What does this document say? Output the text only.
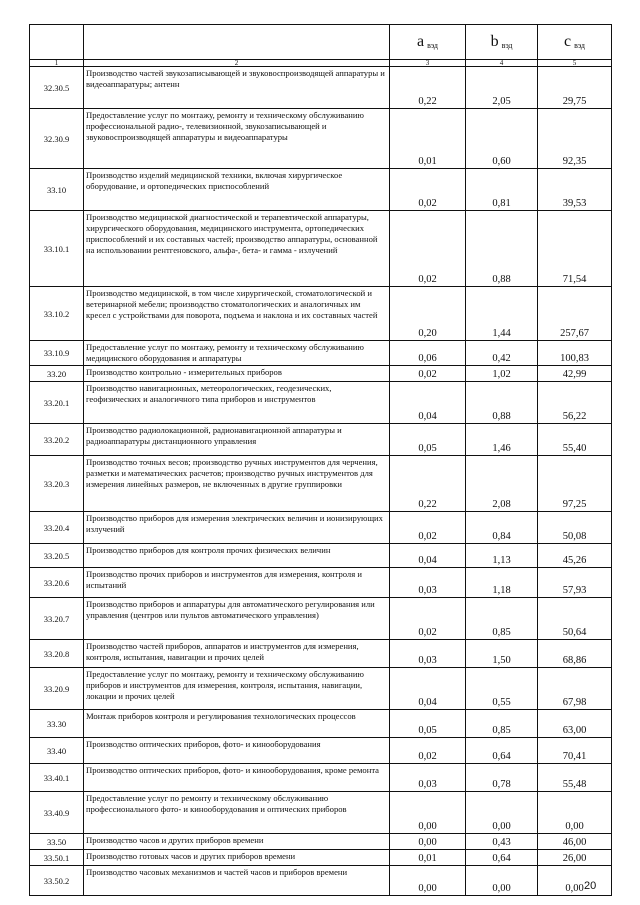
		a $_{вэд}$	b $_{вэд}$	c $_{вэд}$
1	2	3	4	5
32.30.5	Производство частей звукозаписывающей и звуковоспроизводящей аппаратуры и видеоаппаратуры; антенн	0,22	2,05	29,75
32.30.9	Предоставление услуг по монтажу, ремонту и техническому обслуживанию профессиональной радио-, телевизионной, звукозаписывающей и звуковоспроизводящей аппаратуры и видеоаппаратуры	0,01	0,60	92,35
33.10	Производство изделий медицинской техники, включая хирургическое оборудование, и ортопедических приспособлений	0,02	0,81	39,53
33.10.1	Производство медицинской диагностической и терапевтической аппаратуры, хирургического оборудования, медицинского инструмента, ортопедических приспособлений и их составных частей; производство аппаратуры, основанной на использовании рентгеновского, альфа-, бета- и гамма - излучений	0,02	0,88	71,54
33.10.2	Производство медицинской, в том числе хирургической, стоматологической и ветеринарной мебели; производство стоматологических и аналогичных им кресел с устройствами для поворота, подъема и наклона и их составных частей	0,20	1,44	257,67
33.10.9	Предоставление услуг по монтажу, ремонту и техническому обслуживанию медицинского оборудования и аппаратуры	0,06	0,42	100,83
33.20	Производство контрольно - измерительных приборов	0,02	1,02	42,99
33.20.1	Производство навигационных, метеорологических, геодезических, геофизических и аналогичного типа приборов и инструментов	0,04	0,88	56,22
33.20.2	Производство радиолокационной, радионавигационной аппаратуры и радиоаппаратуры дистанционного управления	0,05	1,46	55,40
33.20.3	Производство точных весов; производство ручных инструментов для черчения, разметки и математических расчетов; производство ручных инструментов для измерения линейных размеров, не включенных в другие группировки	0,22	2,08	97,25
33.20.4	Производство приборов для измерения электрических величин и ионизирующих излучений	0,02	0,84	50,08
33.20.5	Производство приборов для контроля прочих физических величин	0,04	1,13	45,26
33.20.6	Производство прочих приборов и инструментов для измерения, контроля и испытаний	0,03	1,18	57,93
33.20.7	Производство приборов и аппаратуры для автоматического регулирования или управления (центров или пультов автоматического управления)	0,02	0,85	50,64
33.20.8	Производство частей приборов, аппаратов и инструментов для измерения, контроля, испытания, навигации и прочих целей	0,03	1,50	68,86
33.20.9	Предоставление услуг по монтажу, ремонту и техническому обслуживанию приборов и инструментов для измерения, контроля, испытания, навигации, локации и прочих целей	0,04	0,55	67,98
33.30	Монтаж приборов контроля и регулирования технологических процессов	0,05	0,85	63,00
33.40	Производство оптических приборов, фото- и кинооборудования	0,02	0,64	70,41
33.40.1	Производство оптических приборов, фото- и кинооборудования, кроме ремонта	0,03	0,78	55,48
33.40.9	Предоставление услуг по ремонту и техническому обслуживанию профессионального фото- и кинооборудования и оптических приборов	0,00	0,00	0,00
33.50	Производство часов и других приборов времени	0,00	0,43	46,00
33.50.1	Производство готовых часов и других приборов времени	0,01	0,64	26,00
33.50.2	Производство часовых механизмов и частей часов и приборов времени	0,00	0,00	0,00 20
